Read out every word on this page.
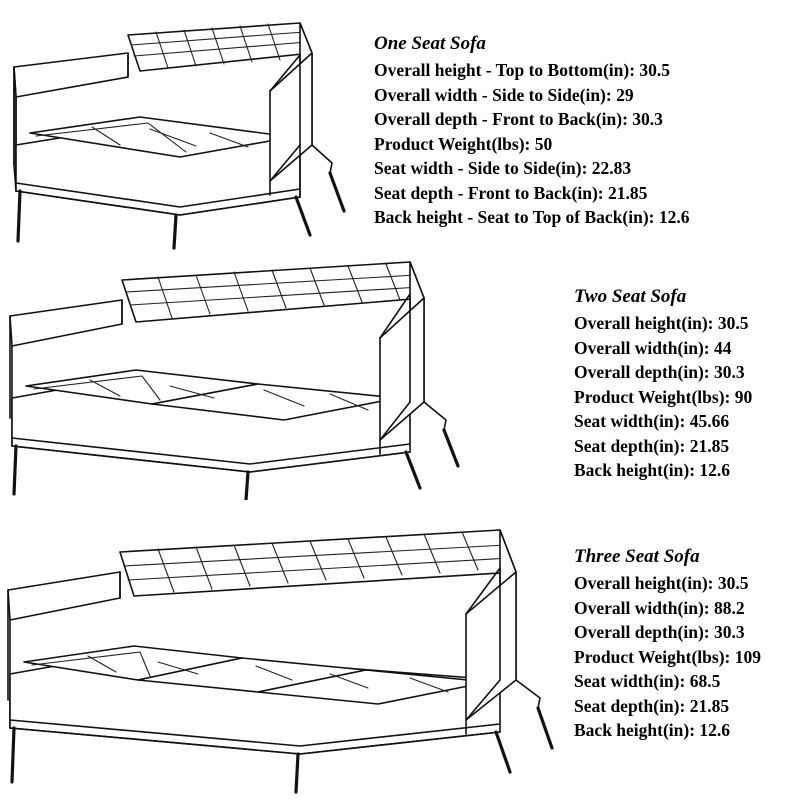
One Seat Sofa
Overall height - Top to Bottom(in): 30.5
Overall width - Side to Side(in): 29
Overall depth - Front to Back(in): 30.3
Product Weight(lbs): 50
Seat width - Side to Side(in): 22.83
Seat depth - Front to Back(in): 21.85
Back height - Seat to Top of Back(in): 12.6
Two Seat Sofa
Overall height(in): 30.5
Overall width(in): 44
Overall depth(in): 30.3
Product Weight(lbs): 90
Seat width(in): 45.66
Seat depth(in): 21.85
Back height(in): 12.6
Three Seat Sofa
Overall height(in): 30.5
Overall width(in): 88.2
Overall depth(in): 30.3
Product Weight(lbs): 109
Seat width(in): 68.5
Seat depth(in): 21.85
Back height(in): 12.6
